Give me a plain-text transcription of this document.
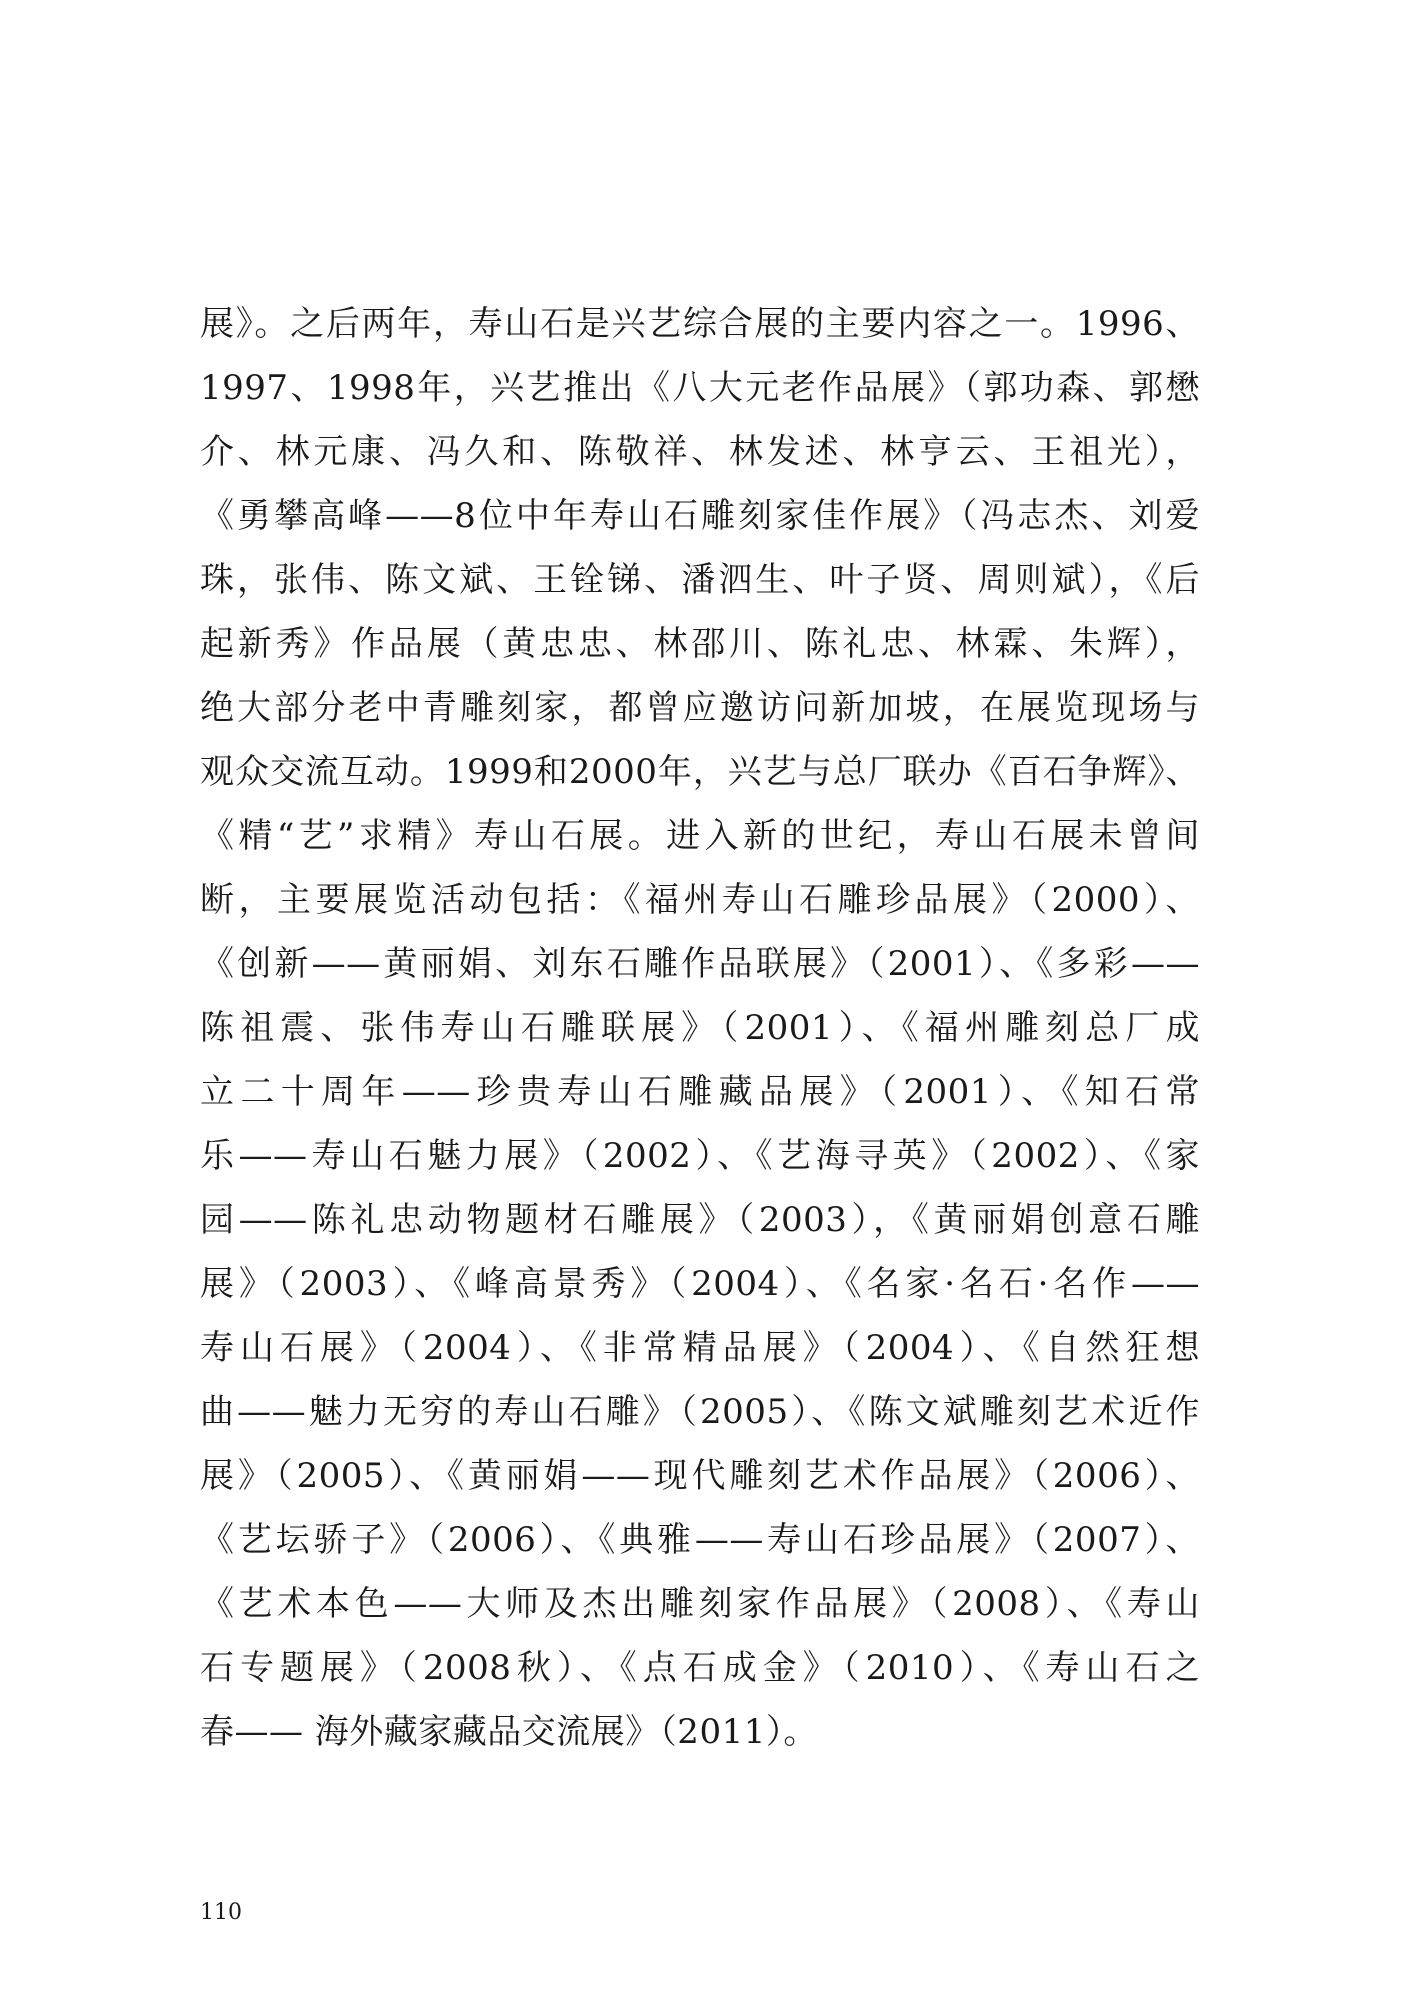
展》。之后两年，寿山石是兴艺综合展的主要内容之一。1996、
1997、1998年，兴艺推出《八大元老作品展》（郭功森、郭懋
介、林元康、冯久和、陈敬祥、林发述、林亨云、王祖光），
《勇攀高峰——8位中年寿山石雕刻家佳作展》（冯志杰、刘爱
珠，张伟、陈文斌、王铨锑、潘泗生、叶子贤、周则斌），《后
起新秀》作品展（黄忠忠、林邵川、陈礼忠、林霖、朱辉），
绝大部分老中青雕刻家，都曾应邀访问新加坡，在展览现场与
观众交流互动。1999和2000年，兴艺与总厂联办《百石争辉》、
《精“艺”求精》寿山石展。进入新的世纪，寿山石展未曾间
断，主要展览活动包括：《福州寿山石雕珍品展》（2000）、
《创新——黄丽娟、刘东石雕作品联展》（2001）、《多彩——
陈祖震、张伟寿山石雕联展》（2001）、《福州雕刻总厂成
立二十周年——珍贵寿山石雕藏品展》（2001）、《知石常
乐——寿山石魅力展》（2002）、《艺海寻英》（2002）、《家
园——陈礼忠动物题材石雕展》（2003），《黄丽娟创意石雕
展》（2003）、《峰高景秀》（2004）、《名家·名石·名作——
寿山石展》（2004）、《非常精品展》（2004）、《自然狂想
曲——魅力无穷的寿山石雕》（2005）、《陈文斌雕刻艺术近作
展》（2005）、《黄丽娟——现代雕刻艺术作品展》（2006）、
《艺坛骄子》（2006）、《典雅——寿山石珍品展》（2007）、
《艺术本色——大师及杰出雕刻家作品展》（2008）、《寿山
石专题展》（2008秋）、《点石成金》（2010）、《寿山石之
春—— 海外藏家藏品交流展》（2011）。
110
